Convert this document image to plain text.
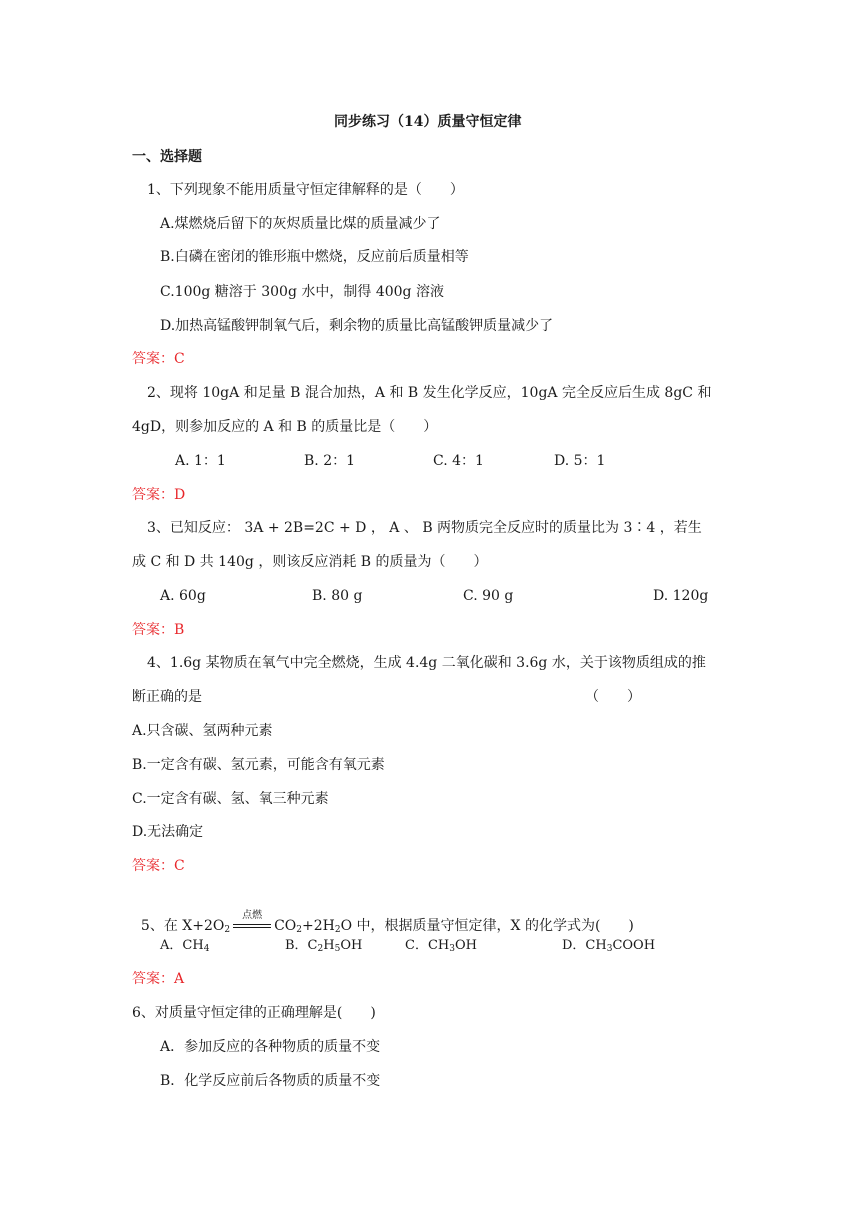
同步练习（14）质量守恒定律
一、选择题
1、下列现象不能用质量守恒定律解释的是（　　）
A.煤燃烧后留下的灰烬质量比煤的质量减少了
B.白磷在密闭的锥形瓶中燃烧，反应前后质量相等
C.100g 糖溶于 300g 水中，制得 400g 溶液
D.加热高锰酸钾制氧气后，剩余物的质量比高锰酸钾质量减少了
答案：C
2、现将 10gA 和足量 B 混合加热，A 和 B 发生化学反应，10gA 完全反应后生成 8gC 和
4gD，则参加反应的 A 和 B 的质量比是（　　）

A. 1：1

	B. 2：1

	C. 4：1

	D. 5：1

答案：D
3、已知反应： 3A + 2B=2C + D ， A 、 B 两物质完全反应时的质量比为 3∶4 ，若生
成 C 和 D 共 140g ，则该反应消耗 B 的质量为（　　）

A. 60g

	B. 80 g

	C. 90 g

	D. 120g

答案：B
4、1.6g 某物质在氧气中完全燃烧，生成 4.4g 二氧化碳和 3.6g 水，关于该物质组成的推
断正确的是	（　　）
A.只含碳、氢两种元素
B.一定含有碳、氢元素，可能含有氧元素
C.一定含有碳、氢、氧三种元素
D.无法确定
答案：C

5、在 $X+2O_2$
点燃
$CO_2+2H_2O$ 中，根据质量守恒定律，X 的化学式为(　　)

A．$CH_4$

	B．$C_2H_5OH$

	C．$CH_3OH$

	D．$CH_3COOH$

答案：A
6、对质量守恒定律的正确理解是(　　)
A．参加反应的各种物质的质量不变
B．化学反应前后各物质的质量不变
